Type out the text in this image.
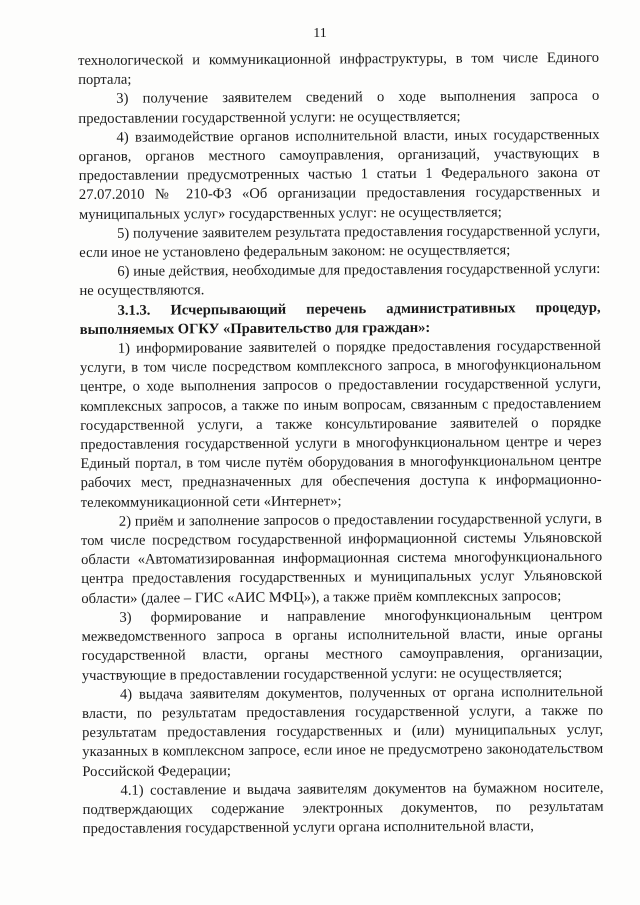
11

технологической и коммуникационной инфраструктуры, в том числе Единого портала;

3) получение заявителем сведений о ходе выполнения запроса о предоставлении государственной услуги: не осуществляется;

4) взаимодействие органов исполнительной власти, иных государственных органов, органов местного самоуправления, организаций, участвующих в предоставлении предусмотренных частью 1 статьи 1 Федерального закона от 27.07.2010 № 210-ФЗ «Об организации предоставления государственных и муниципальных услуг» государственных услуг: не осуществляется;

5) получение заявителем результата предоставления государственной услуги, если иное не установлено федеральным законом: не осуществляется;

6) иные действия, необходимые для предоставления государственной услуги: не осуществляются.

3.1.3. Исчерпывающий перечень административных процедур, выполняемых ОГКУ «Правительство для граждан»:

1) информирование заявителей о порядке предоставления государственной услуги, в том числе посредством комплексного запроса, в многофункциональном центре, о ходе выполнения запросов о предоставлении государственной услуги, комплексных запросов, а также по иным вопросам, связанным с предоставлением государственной услуги, а также консультирование заявителей о порядке предоставления государственной услуги в многофункциональном центре и через Единый портал, в том числе путём оборудования в многофункциональном центре рабочих мест, предназначенных для обеспечения доступа к информационно-телекоммуникационной сети «Интернет»;

2) приём и заполнение запросов о предоставлении государственной услуги, в том числе посредством государственной информационной системы Ульяновской области «Автоматизированная информационная система многофункционального центра предоставления государственных и муниципальных услуг Ульяновской области» (далее – ГИС «АИС МФЦ»), а также приём комплексных запросов;

3) формирование и направление многофункциональным центром межведомственного запроса в органы исполнительной власти, иные органы государственной власти, органы местного самоуправления, организации, участвующие в предоставлении государственной услуги: не осуществляется;

4) выдача заявителям документов, полученных от органа исполнительной власти, по результатам предоставления государственной услуги, а также по результатам предоставления государственных и (или) муниципальных услуг, указанных в комплексном запросе, если иное не предусмотрено законодательством Российской Федерации;

4.1) составление и выдача заявителям документов на бумажном носителе, подтверждающих содержание электронных документов, по результатам предоставления государственной услуги органа исполнительной власти,
